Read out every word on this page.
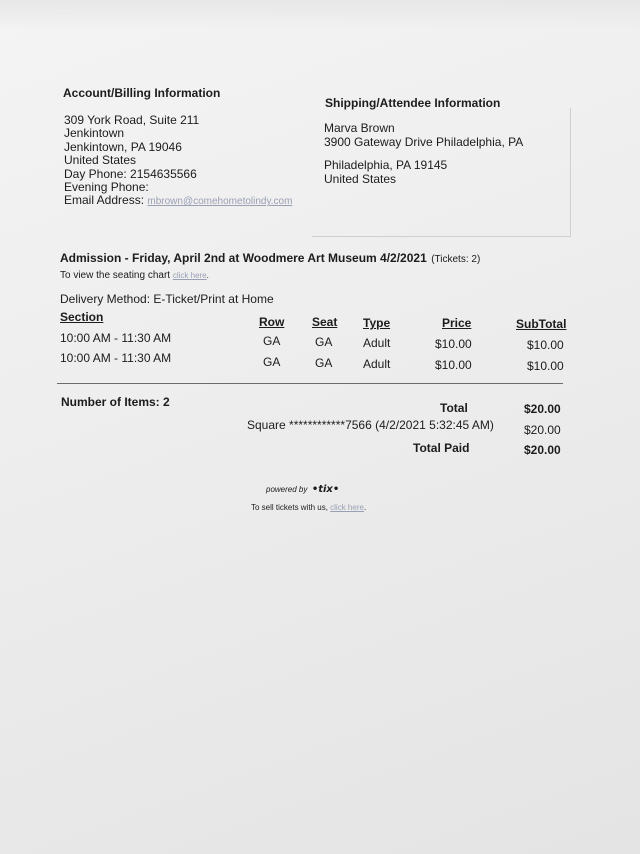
Account/Billing Information
309 York Road, Suite 211
Jenkintown
Jenkintown, PA 19046
United States
Day Phone: 2154635566
Evening Phone:
Email Address: mbrown@comehometolindy.com
Shipping/Attendee Information
Marva Brown
3900 Gateway Drive Philadelphia, PA
Philadelphia, PA 19145
United States
Admission - Friday, April 2nd at Woodmere Art Museum 4/2/2021 (Tickets: 2)
To view the seating chart click here.
Delivery Method: E-Ticket/Print at Home
Section	Row Seat Type	Price	SubTotal
10:00 AM - 11:30 AM	GA	GA	Adult	$10.00	$10.00
10:00 AM - 11:30 AM	GA	GA	Adult	$10.00	$10.00
Number of Items: 2	Total	$20.00
Square ************7566 (4/2/2021 5:32:45 AM)	$20.00
Total Paid	$20.00
powered by •tix•
To sell tickets with us, click here.
